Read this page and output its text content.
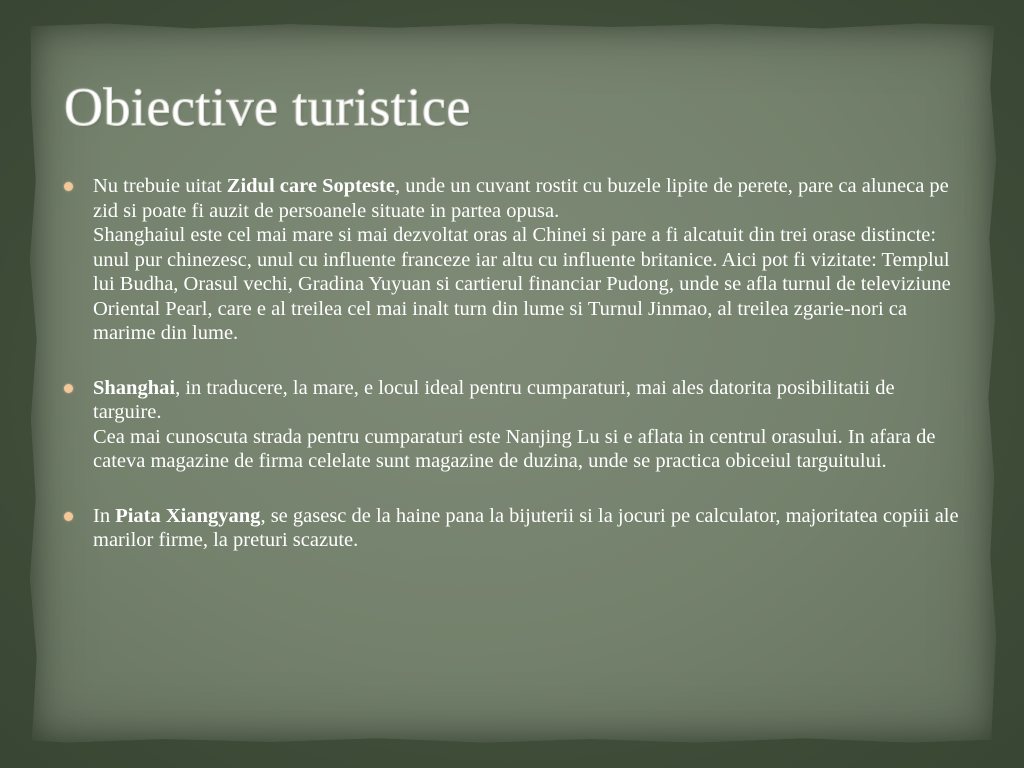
Obiective turistice
Nu trebuie uitat Zidul care Sopteste, unde un cuvant rostit cu buzele lipite de perete, pare ca aluneca pe zid si poate fi auzit de persoanele situate in partea opusa.
Shanghaiul este cel mai mare si mai dezvoltat oras al Chinei si pare a fi alcatuit din trei orase distincte: unul pur chinezesc, unul cu influente franceze iar altu cu influente britanice. Aici pot fi vizitate: Templul lui Budha, Orasul vechi, Gradina Yuyuan si cartierul financiar Pudong, unde se afla turnul de televiziune Oriental Pearl, care e al treilea cel mai inalt turn din lume si Turnul Jinmao, al treilea zgarie-nori ca marime din lume.
Shanghai, in traducere, la mare, e locul ideal pentru cumparaturi, mai ales datorita posibilitatii de targuire.
Cea mai cunoscuta strada pentru cumparaturi este Nanjing Lu si e aflata in centrul orasului. In afara de cateva magazine de firma celelate sunt magazine de duzina, unde se practica obiceiul targuitului.
In Piata Xiangyang, se gasesc de la haine pana la bijuterii si la jocuri pe calculator, majoritatea copiii ale marilor firme, la preturi scazute.
